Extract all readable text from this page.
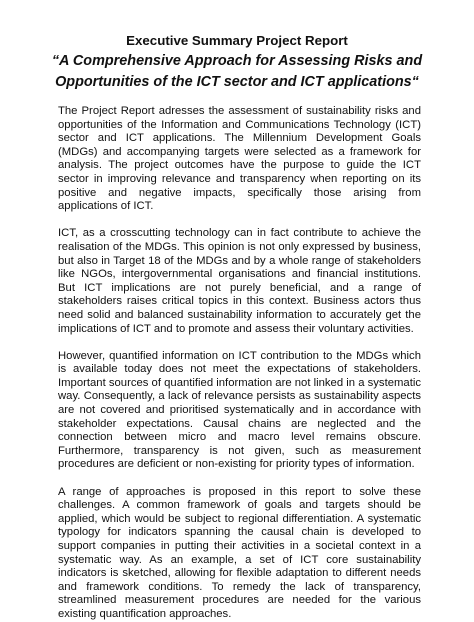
Executive Summary Project Report
“A Comprehensive Approach for Assessing Risks and
Opportunities of the ICT sector and ICT applications“

The Project Report adresses the assessment of sustainability risks and opportunities of the Information and Communications Technology (ICT) sector and ICT applications. The Millennium Development Goals (MDGs) and accompanying targets were selected as a framework for analysis. The project outcomes have the purpose to guide the ICT sector in improving relevance and transparency when reporting on its positive and negative impacts, specifically those arising from applications of ICT.

ICT, as a crosscutting technology can in fact contribute to achieve the realisation of the MDGs. This opinion is not only expressed by business, but also in Target 18 of the MDGs and by a whole range of stakeholders like NGOs, intergovernmental organisations and financial institutions. But ICT implications are not purely beneficial, and a range of stakeholders raises critical topics in this context. Business actors thus need solid and balanced sustainability information to accurately get the implications of ICT and to promote and assess their voluntary activities.

However, quantified information on ICT contribution to the MDGs which is available today does not meet the expectations of stakeholders. Important sources of quantified information are not linked in a systematic way. Consequently, a lack of relevance persists as sustainability aspects are not covered and prioritised systematically and in accordance with stakeholder expectations. Causal chains are neglected and the connection between micro and macro level remains obscure. Furthermore, transparency is not given, such as measurement procedures are deficient or non-existing for priority types of information.

A range of approaches is proposed in this report to solve these challenges. A common framework of goals and targets should be applied, which would be subject to regional differentiation. A systematic typology for indicators spanning the causal chain is developed to support companies in putting their activities in a societal context in a systematic way. As an example, a set of ICT core sustainability indicators is sketched, allowing for flexible adaptation to different needs and framework conditions. To remedy the lack of transparency, streamlined measurement procedures are needed for the various existing quantification approaches.
